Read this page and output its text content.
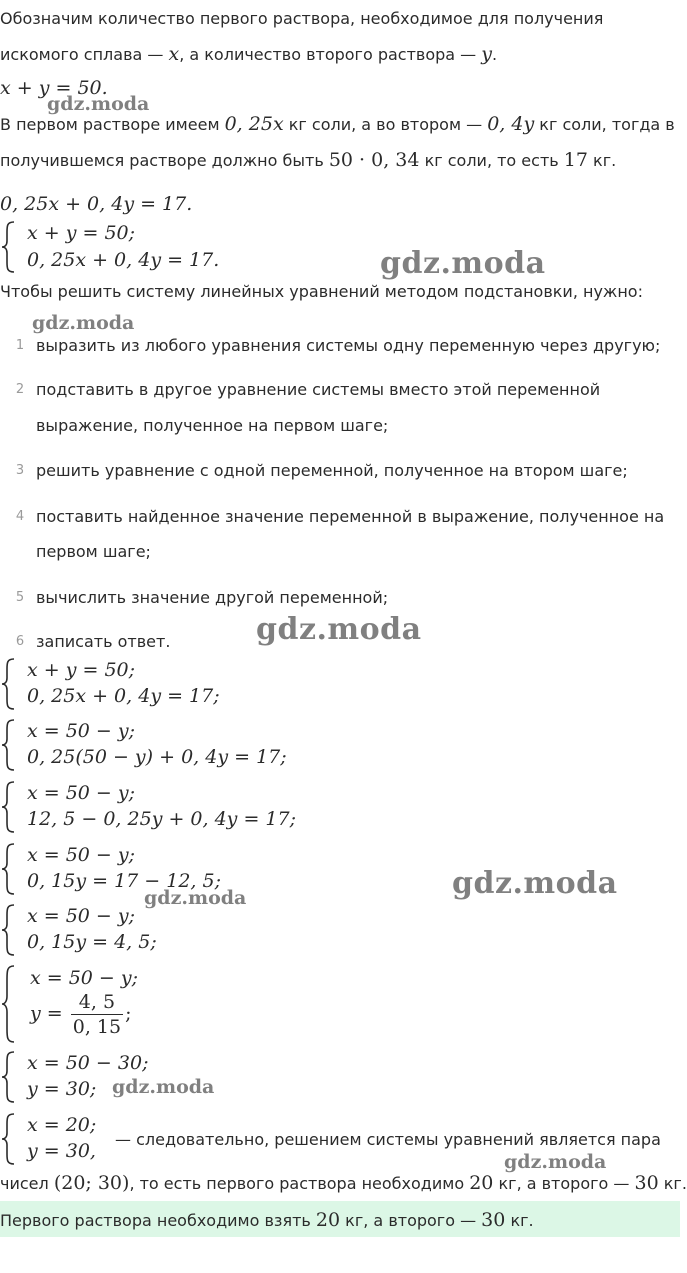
Обозначим количество первого раствора, необходимое для получения
искомого сплава — x, а количество второго раствора — y.
x + y = 50.
В первом растворе имеем 0, 25x кг соли, а во втором — 0, 4y кг соли, тогда в
получившемся растворе должно быть 50 · 0, 34 кг соли, то есть 17 кг.
0, 25x + 0, 4y = 17.
x + y = 50;
0, 25x + 0, 4y = 17.
Чтобы решить систему линейных уравнений методом подстановки, нужно:
1 выразить из любого уравнения системы одну переменную через другую;
2 подставить в другое уравнение системы вместо этой переменной
выражение, полученное на первом шаге;
3 решить уравнение с одной переменной, полученное на втором шаге;
4 поставить найденное значение переменной в выражение, полученное на
первом шаге;
5 вычислить значение другой переменной;
6 записать ответ.
x + y = 50;
0, 25x + 0, 4y = 17;
x = 50 − y;
0, 25(50 − y) + 0, 4y = 17;
x = 50 − y;
12, 5 − 0, 25y + 0, 4y = 17;
x = 50 − y;
0, 15y = 17 − 12, 5;
x = 50 − y;
0, 15y = 4, 5;
x = 50 − y;
$y = \frac{4, 5}{0, 15}$ ;
x = 50 − 30;
y = 30;
x = 20;
y = 30,
— следовательно, решением системы уравнений является пара
чисел (20; 30), то есть первого раствора необходимо 20 кг, а второго — 30 кг.
Первого раствора необходимо взять 20 кг, а второго — 30 кг.
gdz.moda
gdz.moda
gdz.moda
gdz.moda
gdz.moda
gdz.moda
gdz.moda
gdz.moda
